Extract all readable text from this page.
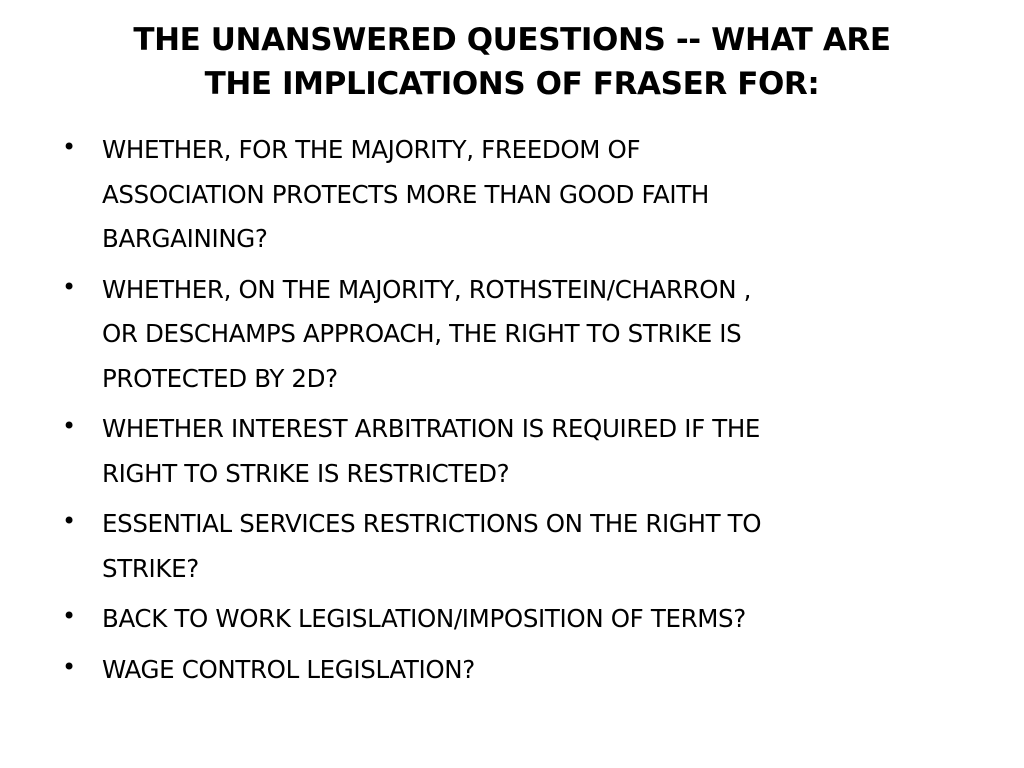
THE UNANSWERED QUESTIONS -- WHAT ARE
THE IMPLICATIONS OF FRASER FOR:
• WHETHER, FOR THE MAJORITY, FREEDOM OF
ASSOCIATION PROTECTS MORE THAN GOOD FAITH
BARGAINING?
• WHETHER, ON THE MAJORITY, ROTHSTEIN/CHARRON ,
OR DESCHAMPS APPROACH, THE RIGHT TO STRIKE IS
PROTECTED BY 2D?
• WHETHER INTEREST ARBITRATION IS REQUIRED IF THE
RIGHT TO STRIKE IS RESTRICTED?
• ESSENTIAL SERVICES RESTRICTIONS ON THE RIGHT TO
STRIKE?
• BACK TO WORK LEGISLATION/IMPOSITION OF TERMS?
• WAGE CONTROL LEGISLATION?
